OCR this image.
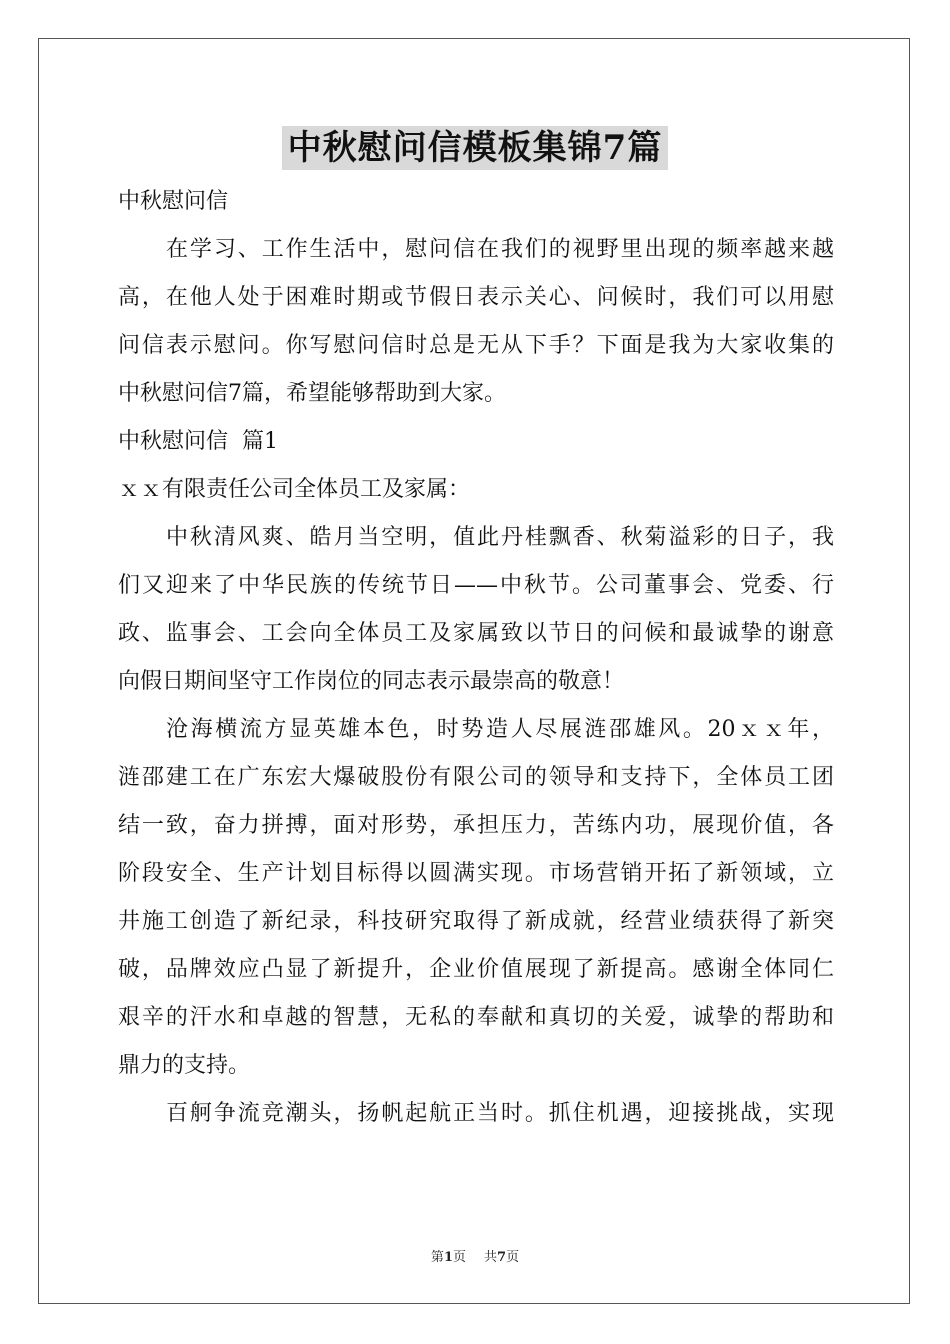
中秋慰问信模板集锦7篇
中秋慰问信
在学习、工作生活中，慰问信在我们的视野里出现的频率越来越
高，在他人处于困难时期或节假日表示关心、问候时，我们可以用慰
问信表示慰问。你写慰问信时总是无从下手？下面是我为大家收集的
中秋慰问信7篇，希望能够帮助到大家。
中秋慰问信  篇1
ｘｘ有限责任公司全体员工及家属：
中秋清风爽、皓月当空明，值此丹桂飘香、秋菊溢彩的日子，我
们又迎来了中华民族的传统节日——中秋节。公司董事会、党委、行
政、监事会、工会向全体员工及家属致以节日的问候和最诚挚的谢意
向假日期间坚守工作岗位的同志表示最崇高的敬意！
沧海横流方显英雄本色，时势造人尽展涟邵雄风。20ｘｘ年，
涟邵建工在广东宏大爆破股份有限公司的领导和支持下，全体员工团
结一致，奋力拼搏，面对形势，承担压力，苦练内功，展现价值，各
阶段安全、生产计划目标得以圆满实现。市场营销开拓了新领域，立
井施工创造了新纪录，科技研究取得了新成就，经营业绩获得了新突
破，品牌效应凸显了新提升，企业价值展现了新提高。感谢全体同仁
艰辛的汗水和卓越的智慧，无私的奉献和真切的关爱，诚挚的帮助和
鼎力的支持。
百舸争流竞潮头，扬帆起航正当时。抓住机遇，迎接挑战，实现
第1页 共7页
